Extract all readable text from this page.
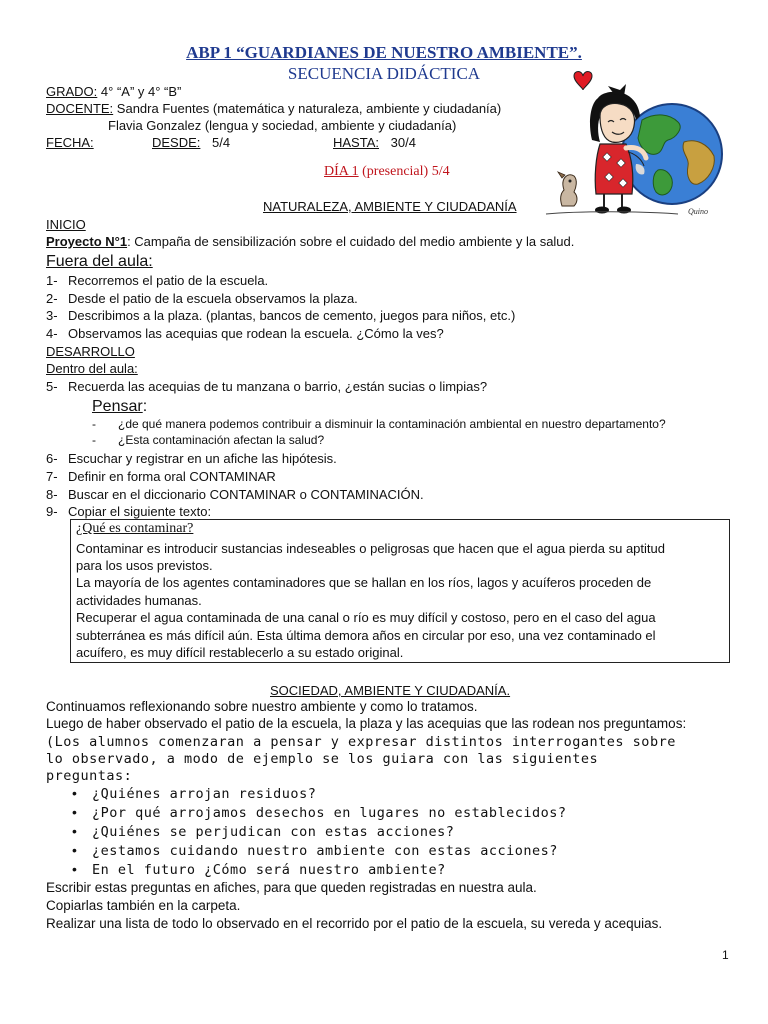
ABP 1 “GUARDIANES DE NUESTRO AMBIENTE”.
SECUENCIA DIDÁCTICA
GRADO: 4° “A” y 4° “B”
DOCENTE: Sandra Fuentes (matemática y naturaleza, ambiente y ciudadanía)
Flavia Gonzalez (lengua y sociedad, ambiente y ciudadanía)
FECHA:	DESDE: 5/4	HASTA: 30/4
DÍA 1 (presencial) 5/4
NATURALEZA, AMBIENTE Y CIUDADANÍA
INICIO
Proyecto N°1: Campaña de sensibilización sobre el cuidado del medio ambiente y la salud.
Fuera del aula:
1- Recorremos el patio de la escuela.
2- Desde el patio de la escuela observamos la plaza.
3- Describimos a la plaza. (plantas, bancos de cemento, juegos para niños, etc.)
4- Observamos las acequias que rodean la escuela. ¿Cómo la ves?
DESARROLLO
Dentro del aula:
5- Recuerda las acequias de tu manzana o barrio, ¿están sucias o limpias?
Pensar:
- ¿de qué manera podemos contribuir a disminuir la contaminación ambiental en nuestro departamento?
- ¿Esta contaminación afectan la salud?
6- Escuchar y registrar en un afiche las hipótesis.
7- Definir en forma oral CONTAMINAR
8- Buscar en el diccionario CONTAMINAR o CONTAMINACIÓN.
9- Copiar el siguiente texto:
¿Qué es contaminar?
Contaminar es introducir sustancias indeseables o peligrosas que hacen que el agua pierda su aptitud
para los usos previstos.
La mayoría de los agentes contaminadores que se hallan en los ríos, lagos y acuíferos proceden de
actividades humanas.
Recuperar el agua contaminada de una canal o río es muy difícil y costoso, pero en el caso del agua
subterránea es más difícil aún. Esta última demora años en circular por eso, una vez contaminado el
acuífero, es muy difícil restablecerlo a su estado original.
SOCIEDAD, AMBIENTE Y CIUDADANÍA.
Continuamos reflexionando sobre nuestro ambiente y como lo tratamos.
Luego de haber observado el patio de la escuela, la plaza y las acequias que las rodean nos preguntamos:
(Los alumnos comenzaran a pensar y expresar distintos interrogantes sobre
lo observado, a modo de ejemplo se los guiara con las siguientes
preguntas:
• ¿Quiénes arrojan residuos?
• ¿Por qué arrojamos desechos en lugares no establecidos?
• ¿Quiénes se perjudican con estas acciones?
• ¿estamos cuidando nuestro ambiente con estas acciones?
• En el futuro ¿Cómo será nuestro ambiente?
Escribir estas preguntas en afiches, para que queden registradas en nuestra aula.
Copiarlas también en la carpeta.
Realizar una lista de todo lo observado en el recorrido por el patio de la escuela, su vereda y acequias.
1
Quino
